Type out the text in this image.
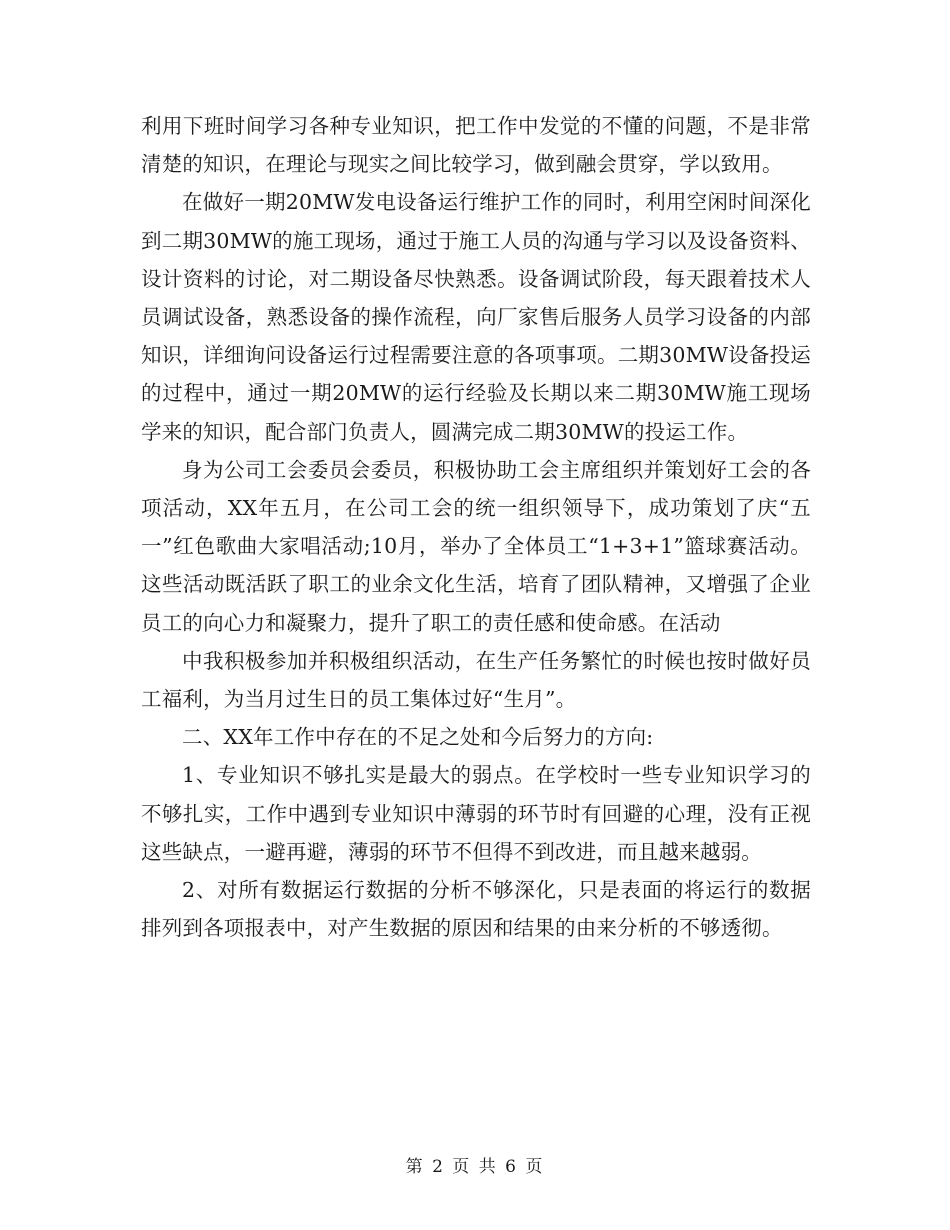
利用下班时间学习各种专业知识，把工作中发觉的不懂的问题，不是非常清楚的知识，在理论与现实之间比较学习，做到融会贯穿，学以致用。

在做好一期20MW发电设备运行维护工作的同时，利用空闲时间深化到二期30MW的施工现场，通过于施工人员的沟通与学习以及设备资料、设计资料的讨论，对二期设备尽快熟悉。设备调试阶段，每天跟着技术人员调试设备，熟悉设备的操作流程，向厂家售后服务人员学习设备的内部知识，详细询问设备运行过程需要注意的各项事项。二期30MW设备投运的过程中，通过一期20MW的运行经验及长期以来二期30MW施工现场学来的知识，配合部门负责人，圆满完成二期30MW的投运工作。

身为公司工会委员会委员，积极协助工会主席组织并策划好工会的各项活动，XX年五月，在公司工会的统一组织领导下，成功策划了庆“五一”红色歌曲大家唱活动;10月，举办了全体员工“1+3+1”篮球赛活动。这些活动既活跃了职工的业余文化生活，培育了团队精神，又增强了企业员工的向心力和凝聚力，提升了职工的责任感和使命感。在活动

中我积极参加并积极组织活动，在生产任务繁忙的时候也按时做好员工福利，为当月过生日的员工集体过好“生月”。

二、XX年工作中存在的不足之处和今后努力的方向:

1、专业知识不够扎实是最大的弱点。在学校时一些专业知识学习的不够扎实，工作中遇到专业知识中薄弱的环节时有回避的心理，没有正视这些缺点，一避再避，薄弱的环节不但得不到改进，而且越来越弱。

2、对所有数据运行数据的分析不够深化，只是表面的将运行的数据排列到各项报表中，对产生数据的原因和结果的由来分析的不够透彻。

第 2 页 共 6 页
